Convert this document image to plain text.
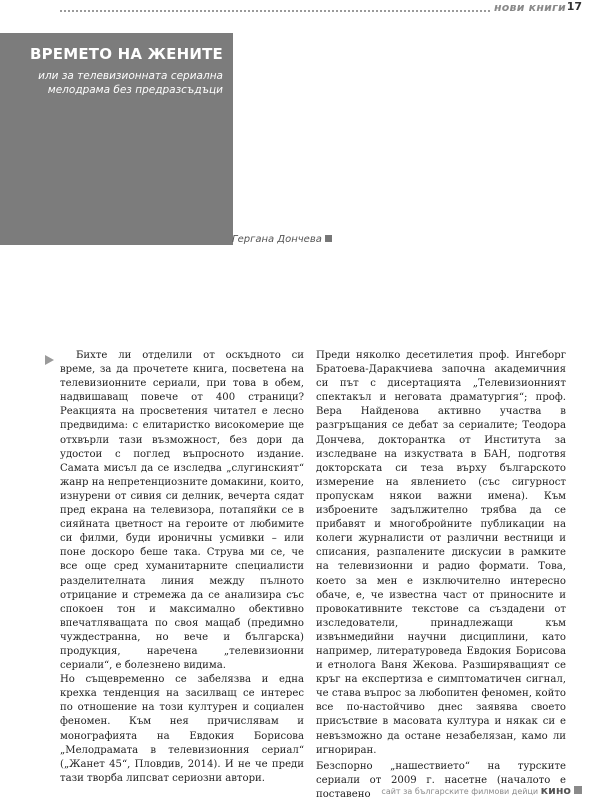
нови книги 17
ВРЕМЕТО НА ЖЕНИТЕ
или за телевизионната сериална мелодрама без предразсъдъци
Гергана Дончева

Бихте ли отделили от оскъдното си време, за да прочетете книга, посветена на телевизионните сериали, при това в обем, надвишаващ повече от 400 страници? Реакцията на просветения читател е лесно предвидима: с елитаристко високомерие ще отхвърли тази възможност, без дори да удостои с поглед въпросното издание. Самата мисъл да се изследва „слугинският“ жанр на непретенциозните домакини, които, изнурени от сивия си делник, вечерта сядат пред екрана на телевизора, потапяйки се в сияйната цветност на героите от любимите си филми, буди ироничны усмивки – или поне доскоро беше така. Струва ми се, че все още сред хуманитарните специалисти разделителната линия между пълното отрицание и стремежа да се анализира със спокоен тон и максимално обективно впечатляващата по своя мащаб (предимно чуждестранна, но вече и българска) продукция, наречена „телевизионни сериали“, е болезнено видима.

Но същевременно се забелязва и една крехка тенденция на засилващ се интерес по отношение на този културен и социален феномен. Към нея причислявам и монографията на Евдокия Борисова „Мелодрамата в телевизионния сериал“ („Жанет 45“, Пловдив, 2014). И не че преди тази творба липсват сериозни автори.

Преди няколко десетилетия проф. Ингеборг Братоева-Даракчиева започна академичния си път с дисертацията „Телевизионният спектакъл и неговата драматургия“; проф. Вера Найденова активно участва в разгръщания се дебат за сериалите; Теодора Дончева, докторантка от Института за изследване на изкуствата в БАН, подготвя докторската си теза върху българското измерение на явлението (със сигурност пропускам някои важни имена). Към изброените задължително трябва да се прибавят и многобройните публикации на колеги журналисти от различни вестници и списания, разпалените дискусии в рамките на телевизионни и радио формати. Това, което за мен е изключително интересно обаче, е, че известна част от приносните и провокативните текстове са създадени от изследователи, принадлежащи към извънмедийни научни дисциплини, като например, литературоведа Евдокия Борисова и етнолога Ваня Жекова. Разширяващият се кръг на експертиза е симптоматичен сигнал, че става въпрос за любопитен феномен, който все по-настойчиво днес заявява своето присъствие в масовата култура и някак си е невъзможно да остане незабелязан, камо ли игнориран.

Безспорно „нашествието“ на турските сериали от 2009 г. насетне (началото е поставено	сайт за българските филмови дейци кино
